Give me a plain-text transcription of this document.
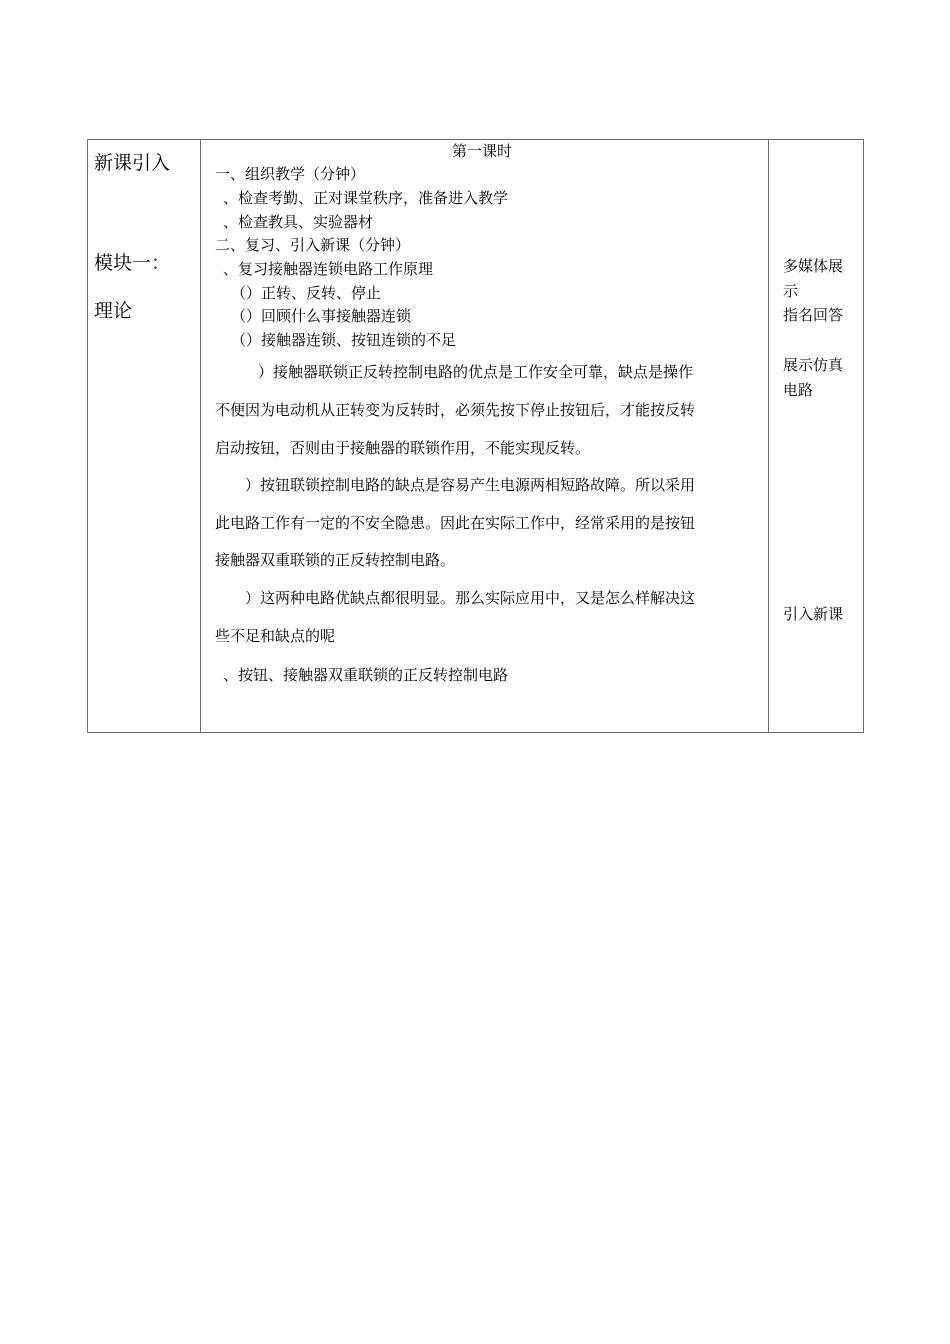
新课引入
模块一：
理论
第一课时
一、组织教学（分钟）
、检查考勤、正对课堂秩序，准备进入教学
、检查教具、实验器材
二、复习、引入新课（分钟）
、复习接触器连锁电路工作原理
（）正转、反转、停止
（）回顾什么事接触器连锁
（）接触器连锁、按钮连锁的不足
）接触器联锁正反转控制电路的优点是工作安全可靠，缺点是操作
不便因为电动机从正转变为反转时，必须先按下停止按钮后，才能按反转
启动按钮，否则由于接触器的联锁作用，不能实现反转。
）按钮联锁控制电路的缺点是容易产生电源两相短路故障。所以采用
此电路工作有一定的不安全隐患。因此在实际工作中，经常采用的是按钮
接触器双重联锁的正反转控制电路。
）这两种电路优缺点都很明显。那么实际应用中，又是怎么样解决这
些不足和缺点的呢
、按钮、接触器双重联锁的正反转控制电路
多媒体展
示
指名回答
展示仿真
电路
引入新课
